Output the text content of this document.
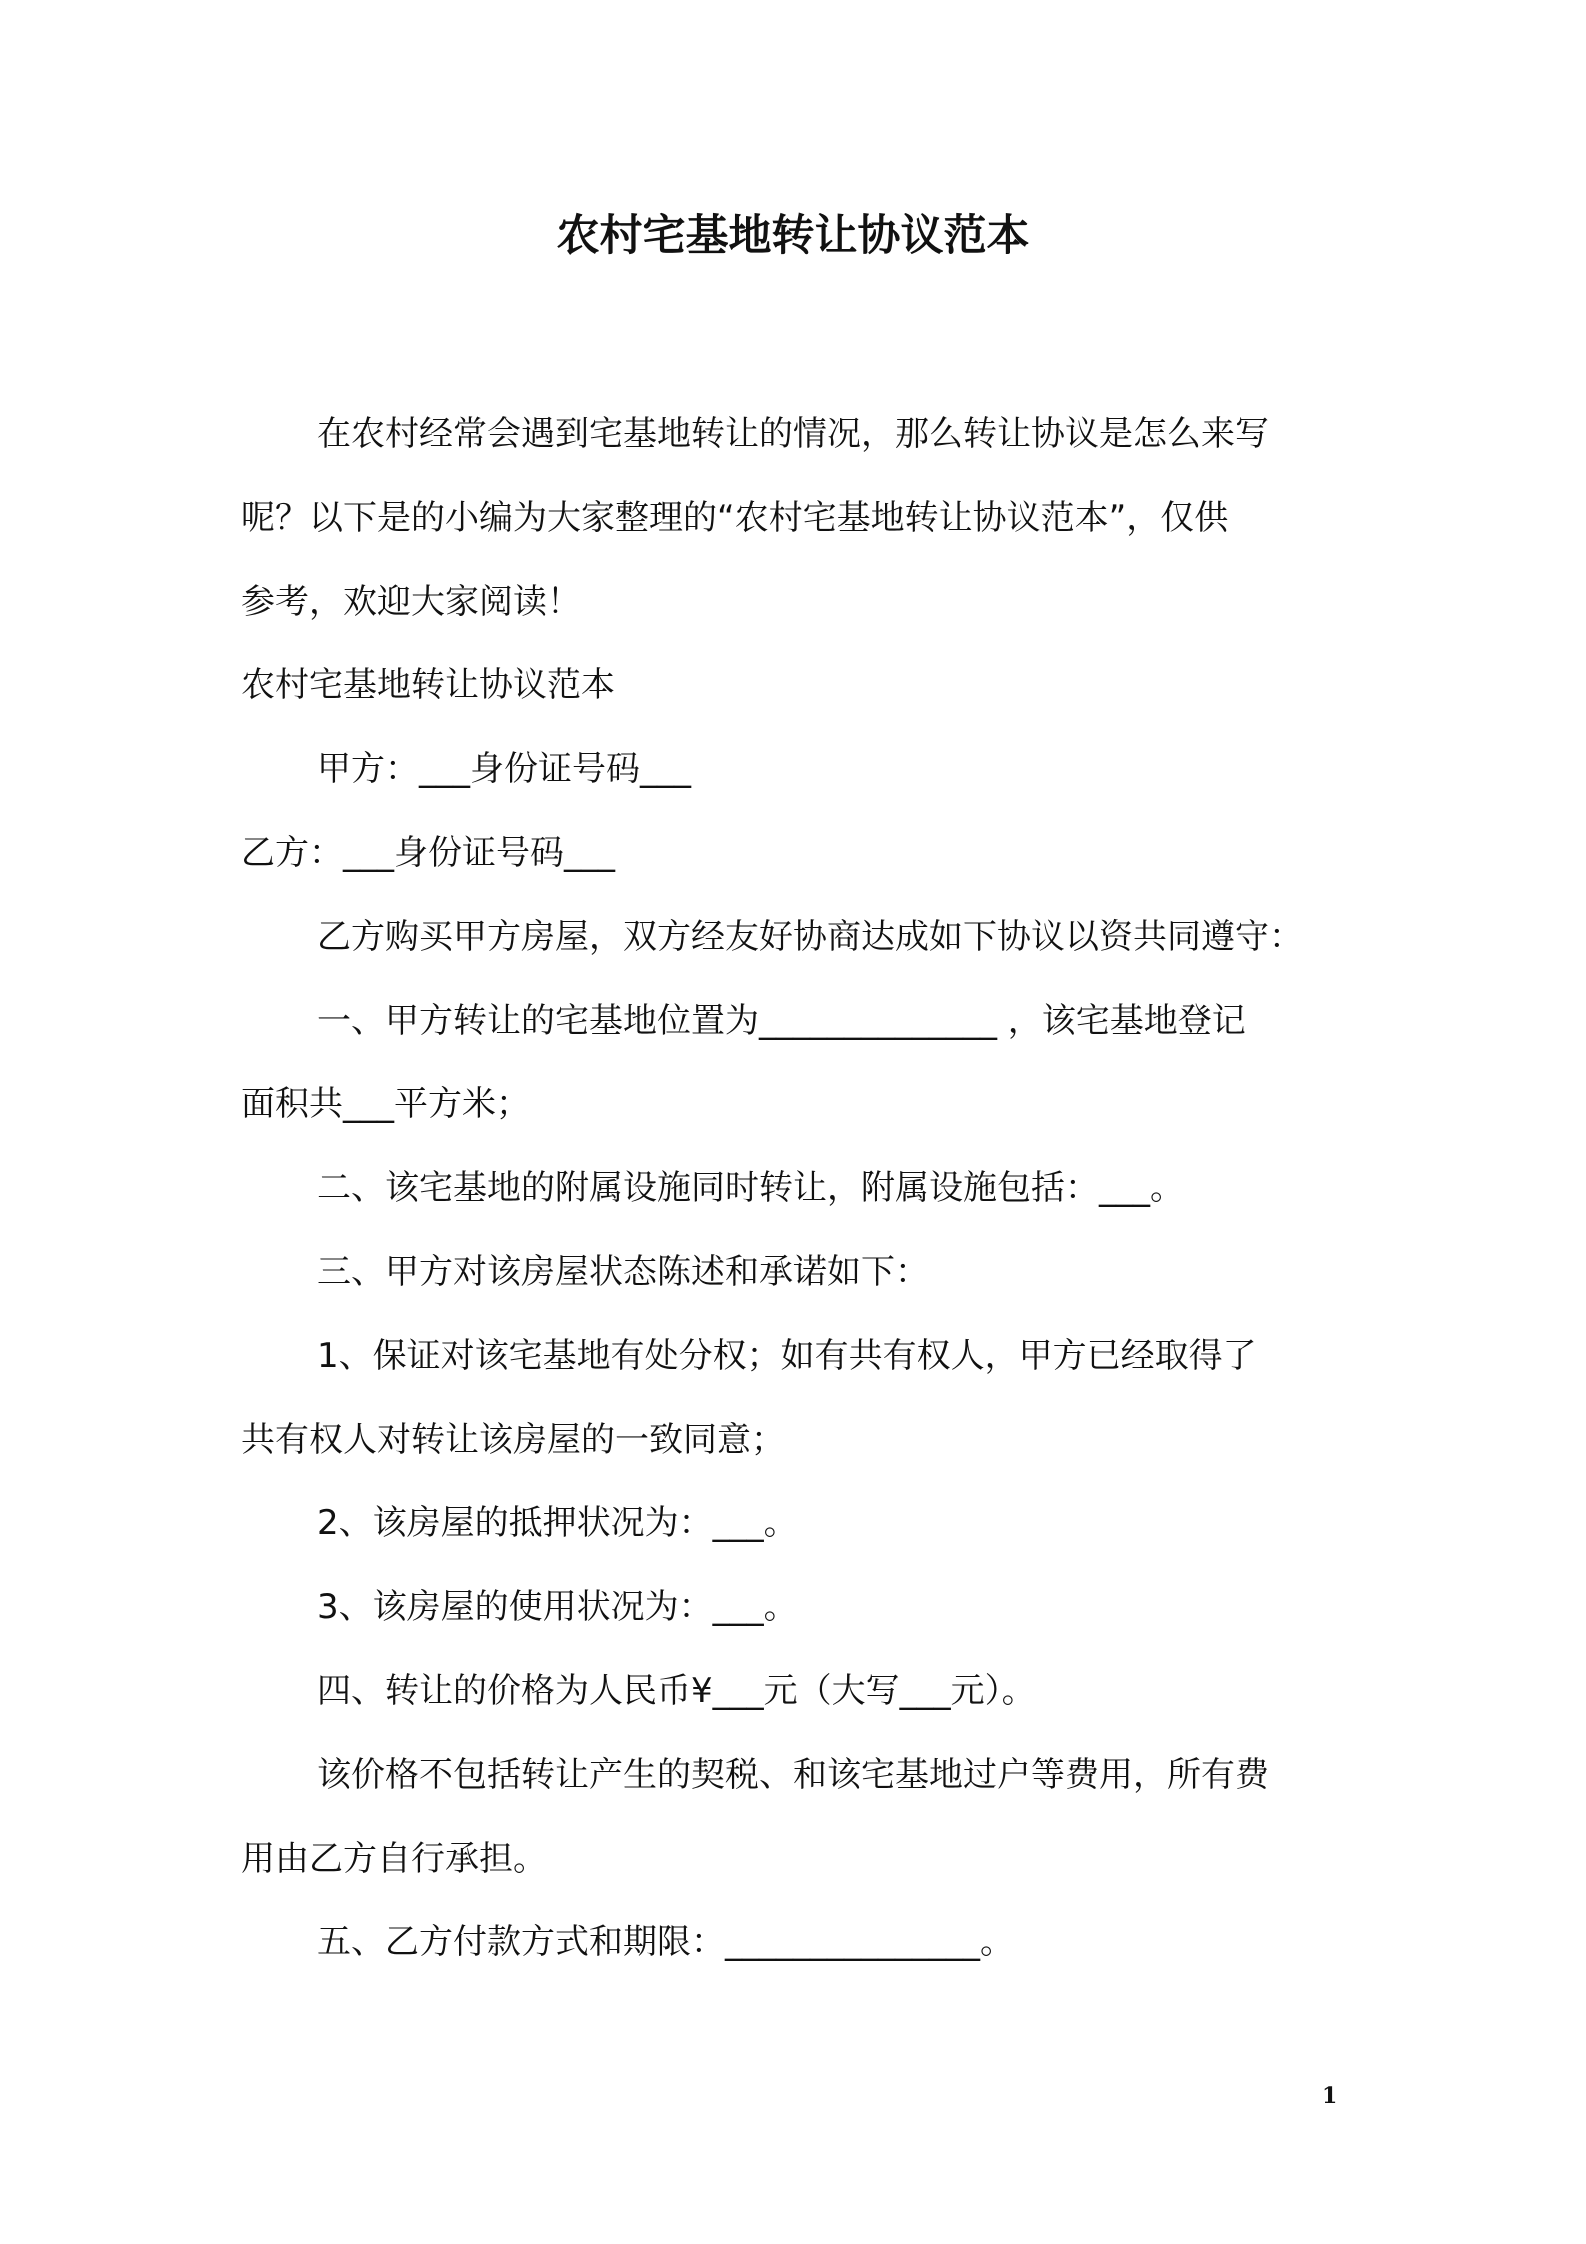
农村宅基地转让协议范本
在农村经常会遇到宅基地转让的情况，那么转让协议是怎么来写
呢？以下是的小编为大家整理的“农村宅基地转让协议范本”，仅供
参考，欢迎大家阅读！
农村宅基地转让协议范本
甲方：___身份证号码___
乙方：___身份证号码___
乙方购买甲方房屋，双方经友好协商达成如下协议以资共同遵守：
一、甲方转让的宅基地位置为______________ ，该宅基地登记
面积共___平方米；
二、该宅基地的附属设施同时转让，附属设施包括：___。
三、甲方对该房屋状态陈述和承诺如下：
1、保证对该宅基地有处分权；如有共有权人，甲方已经取得了
共有权人对转让该房屋的一致同意；
2、该房屋的抵押状况为：___。
3、该房屋的使用状况为：___。
四、转让的价格为人民币¥___元（大写___元）。
该价格不包括转让产生的契税、和该宅基地过户等费用，所有费
用由乙方自行承担。
五、乙方付款方式和期限：_______________。
1
